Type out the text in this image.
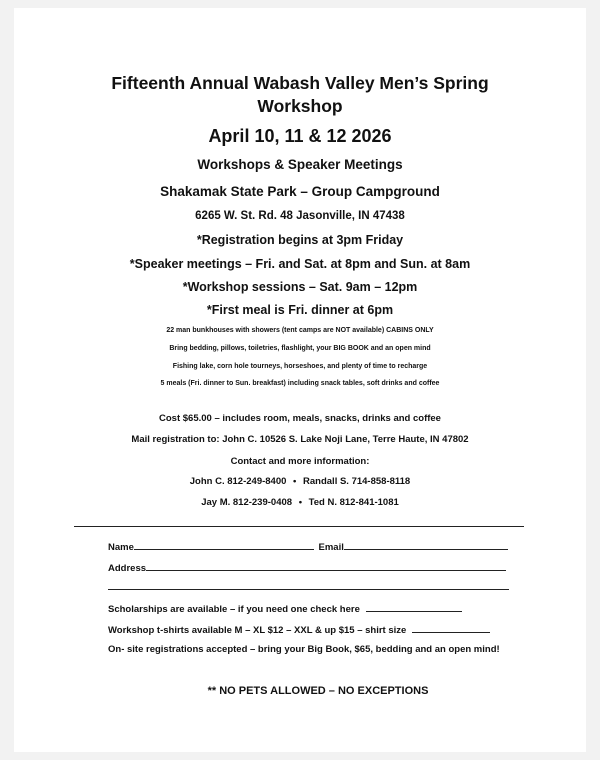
Fifteenth Annual Wabash Valley Men’s Spring
Workshop
April 10, 11 & 12 2026
Workshops & Speaker Meetings
Shakamak State Park – Group Campground
6265 W. St. Rd. 48 Jasonville, IN 47438
*Registration begins at 3pm Friday
*Speaker meetings – Fri. and Sat. at 8pm and Sun. at 8am
*Workshop sessions – Sat. 9am – 12pm
*First meal is Fri. dinner at 6pm
22 man bunkhouses with showers (tent camps are NOT available) CABINS ONLY
Bring bedding, pillows, toiletries, flashlight, your BIG BOOK and an open mind
Fishing lake, corn hole tourneys, horseshoes, and plenty of time to recharge
5 meals (Fri. dinner to Sun. breakfast) including snack tables, soft drinks and coffee
Cost $65.00 – includes room, meals, snacks, drinks and coffee
Mail registration to: John C. 10526 S. Lake Noji Lane, Terre Haute, IN 47802
Contact and more information:
John C. 812-249-8400 • Randall S. 714-858-8118
Jay M. 812-239-0408 • Ted N. 812-841-1081
Name	Email
Address
Scholarships are available – if you need one check here
Workshop t-shirts available M – XL $12 – XXL & up $15 – shirt size
On- site registrations accepted – bring your Big Book, $65, bedding and an open mind!
** NO PETS ALLOWED – NO EXCEPTIONS
